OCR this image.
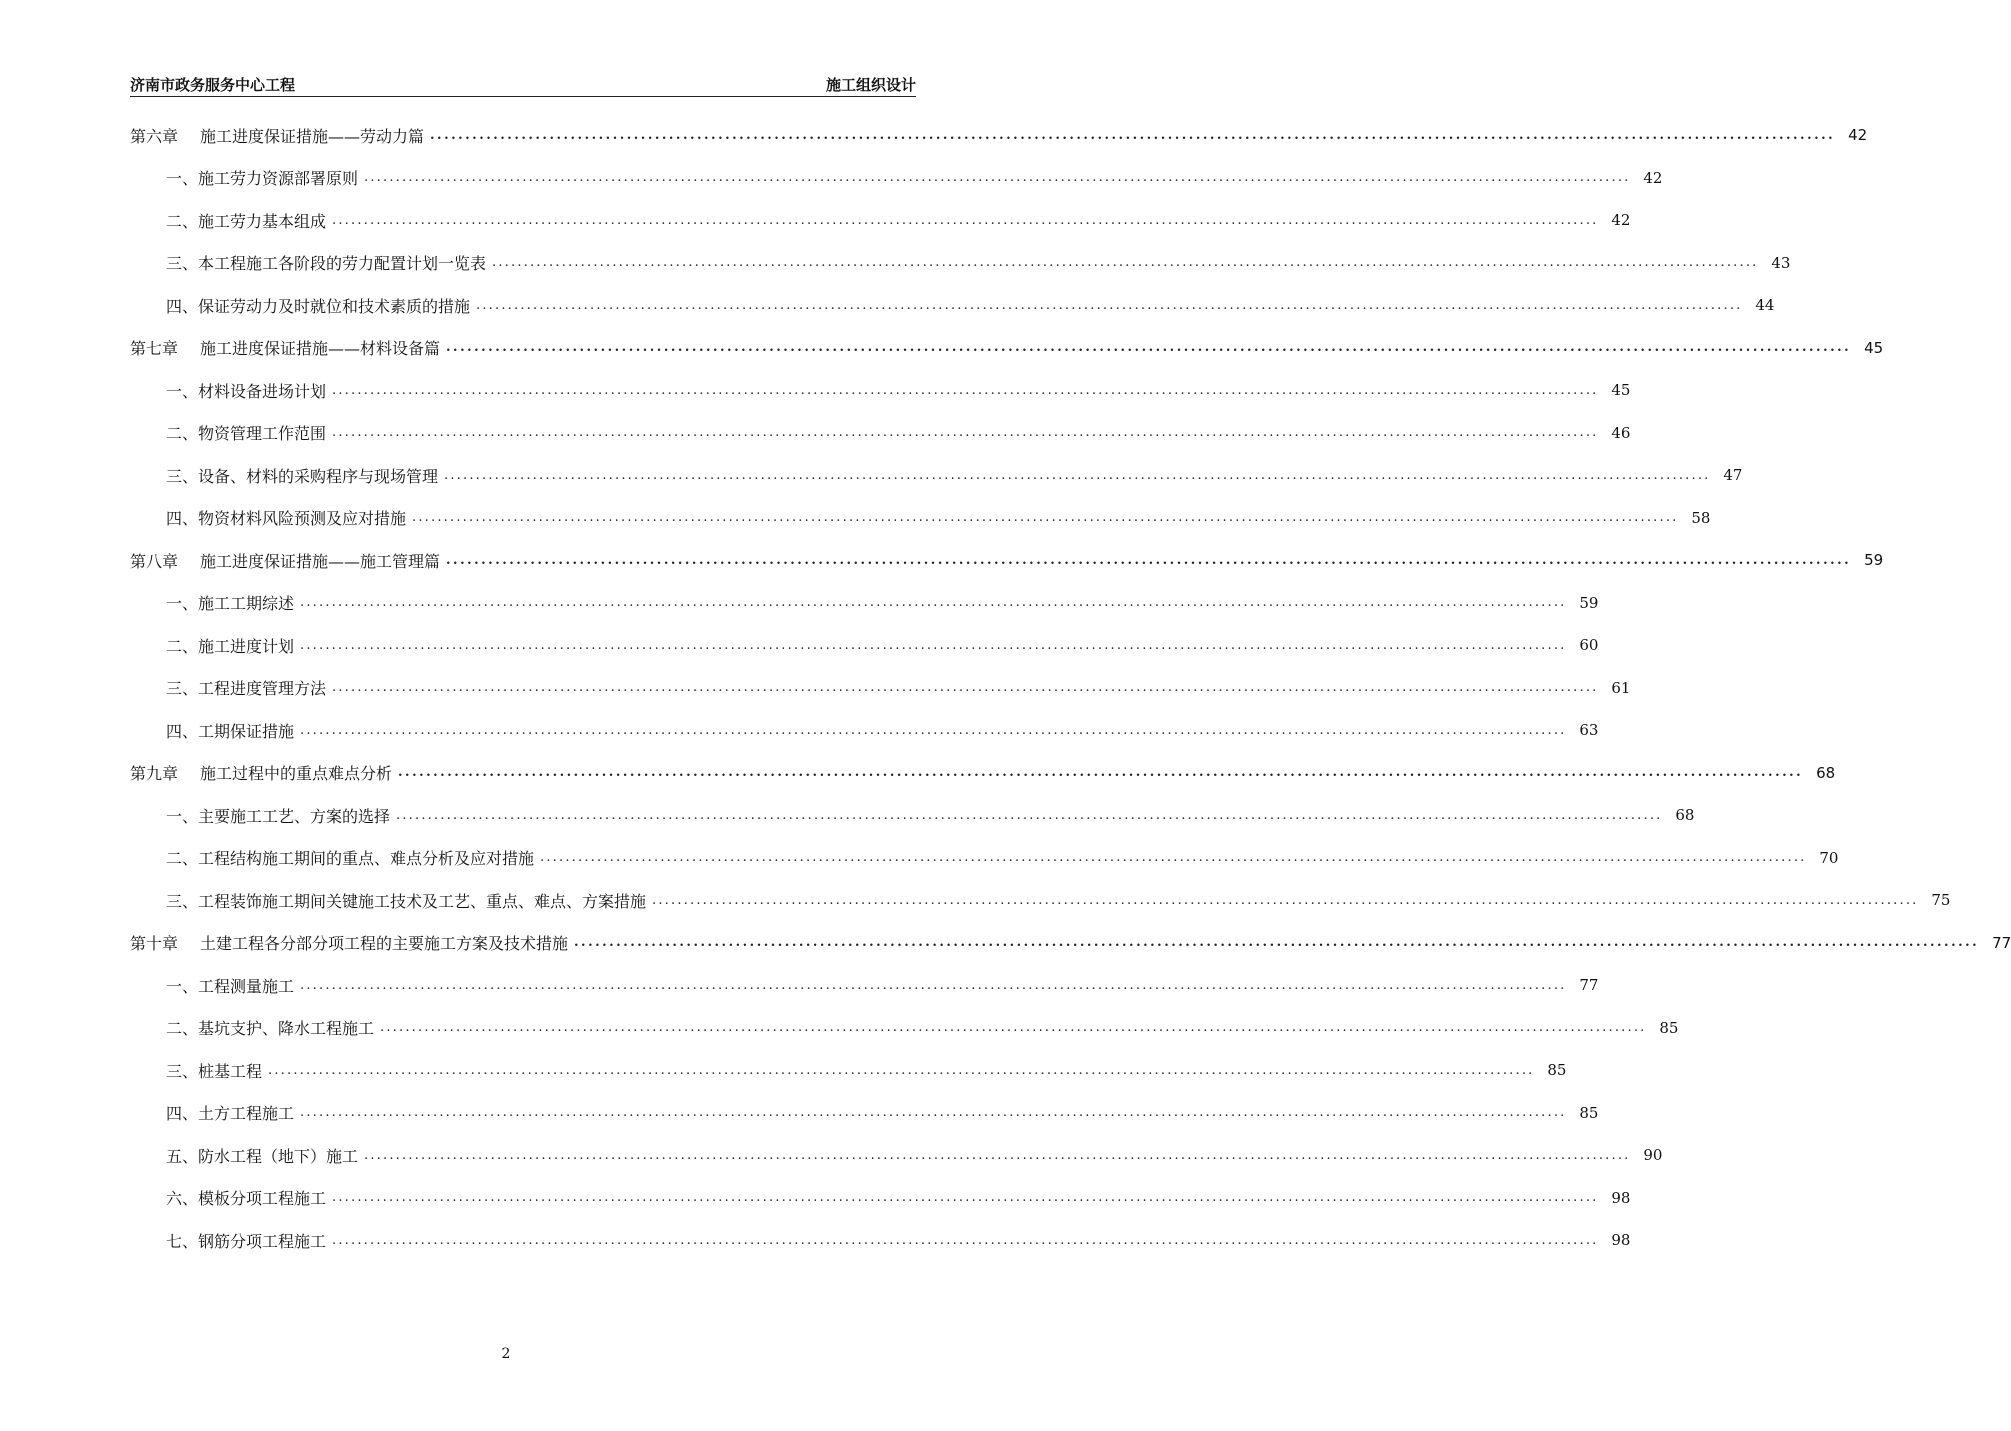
济南市政务服务中心工程	施工组织设计
第六章 施工进度保证措施——劳动力篇 ........................................................................................................................................................................................................ 42
一、施工劳力资源部署原则 ........................................................................................................................................................................................................ 42
二、施工劳力基本组成 ........................................................................................................................................................................................................ 42
三、本工程施工各阶段的劳力配置计划一览表 ........................................................................................................................................................................................................ 43
四、保证劳动力及时就位和技术素质的措施 ........................................................................................................................................................................................................ 44
第七章 施工进度保证措施——材料设备篇 ........................................................................................................................................................................................................ 45
一、材料设备进场计划 ........................................................................................................................................................................................................ 45
二、物资管理工作范围 ........................................................................................................................................................................................................ 46
三、设备、材料的采购程序与现场管理 ........................................................................................................................................................................................................ 47
四、物资材料风险预测及应对措施 ........................................................................................................................................................................................................ 58
第八章 施工进度保证措施——施工管理篇 ........................................................................................................................................................................................................ 59
一、施工工期综述 ........................................................................................................................................................................................................ 59
二、施工进度计划 ........................................................................................................................................................................................................ 60
三、工程进度管理方法 ........................................................................................................................................................................................................ 61
四、工期保证措施 ........................................................................................................................................................................................................ 63
第九章 施工过程中的重点难点分析 ........................................................................................................................................................................................................ 68
一、主要施工工艺、方案的选择 ........................................................................................................................................................................................................ 68
二、工程结构施工期间的重点、难点分析及应对措施 ........................................................................................................................................................................................................ 70
三、工程装饰施工期间关键施工技术及工艺、重点、难点、方案措施 ........................................................................................................................................................................................................ 75
第十章 土建工程各分部分项工程的主要施工方案及技术措施 ........................................................................................................................................................................................................ 77
一、工程测量施工 ........................................................................................................................................................................................................ 77
二、基坑支护、降水工程施工 ........................................................................................................................................................................................................ 85
三、桩基工程 ........................................................................................................................................................................................................ 85
四、土方工程施工 ........................................................................................................................................................................................................ 85
五、防水工程（地下）施工 ........................................................................................................................................................................................................ 90
六、模板分项工程施工 ........................................................................................................................................................................................................ 98
七、钢筋分项工程施工 ........................................................................................................................................................................................................ 98
2
